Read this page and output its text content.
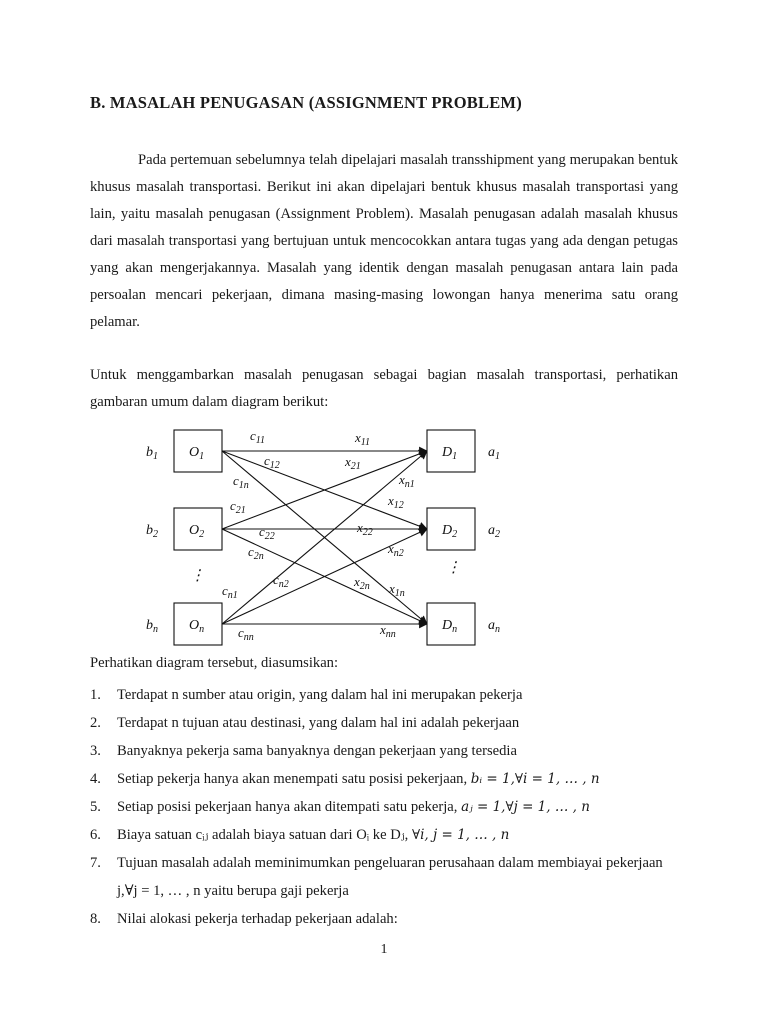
B. MASALAH PENUGASAN (ASSIGNMENT PROBLEM)

Pada pertemuan sebelumnya telah dipelajari masalah transshipment yang merupakan bentuk khusus masalah transportasi. Berikut ini akan dipelajari bentuk khusus masalah transportasi yang lain, yaitu masalah penugasan (Assignment Problem). Masalah penugasan adalah masalah khusus dari masalah transportasi yang bertujuan untuk mencocokkan antara tugas yang ada dengan petugas yang akan mengerjakannya. Masalah yang identik dengan masalah penugasan antara lain pada persoalan mencari pekerjaan, dimana masing-masing lowongan hanya menerima satu orang pelamar.

Untuk menggambarkan masalah penugasan sebagai bagian masalah transportasi, perhatikan gambaran umum dalam diagram berikut:

$O_1$
$b_1$
$O_2$
$b_2$
$O_n$
$b_n$
$D_1$ $a_1$
$D_2$ $a_2$
$D_n$ $a_n$
⋮	⋮
$c_{11}$
$c_{12}$
$c_{1n}$
$c_{21}$
$c_{22}$
$c_{2n}$
$c_{n1}$
$c_{n2}$
$c_{nn}$
$x_{11}$
$x_{21}$
$x_{n1}$
$x_{12}$
$x_{22}$
$x_{n2}$
$x_{2n}$ $x_{1n}$
$x_{nn}$
Perhatikan diagram tersebut, diasumsikan:
1. Terdapat n sumber atau origin, yang dalam hal ini merupakan pekerja
2. Terdapat n tujuan atau destinasi, yang dalam hal ini adalah pekerjaan
3. Banyaknya pekerja sama banyaknya dengan pekerjaan yang tersedia
4. Setiap pekerja hanya akan menempati satu posisi pekerjaan, bᵢ = 1,∀i = 1, … , n
5. Setiap posisi pekerjaan hanya akan ditempati satu pekerja, aⱼ = 1,∀j = 1, … , n
6. Biaya satuan cᵢⱼ adalah biaya satuan dari Oᵢ ke Dⱼ, ∀i, j = 1, … , n
7. Tujuan masalah adalah meminimumkan pengeluaran perusahaan dalam membiayai pekerjaan
j,∀j = 1, … , n yaitu berupa gaji pekerja
8. Nilai alokasi pekerja terhadap pekerjaan adalah:
1
